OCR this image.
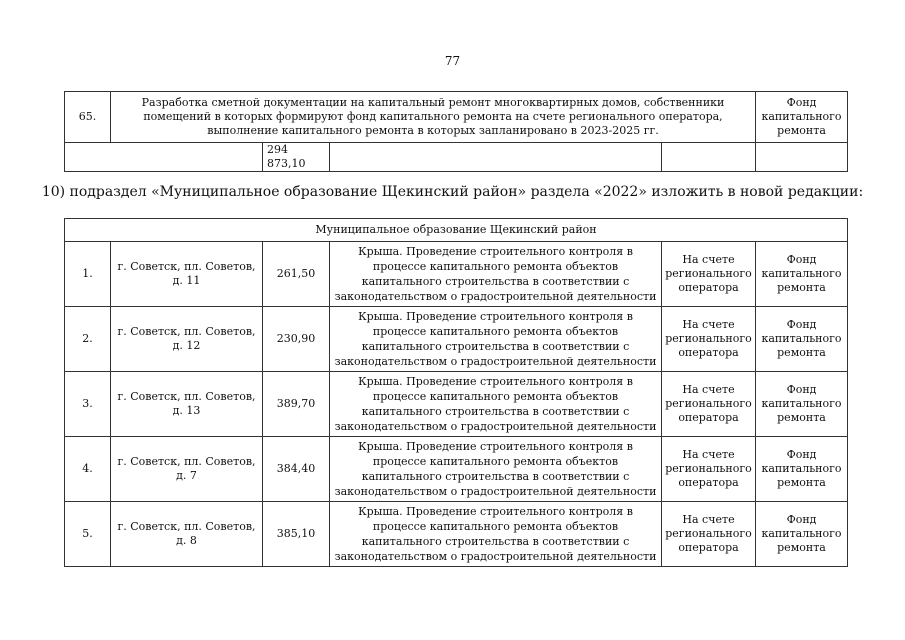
77
65.	Разработка сметной документации на капитальный ремонт многоквартирных домов, собственники помещений в которых формируют фонд капитального ремонта на счете регионального оператора, выполнение капитального ремонта в которых запланировано в 2023-2025 гг.				Фонд капитального ремонта
		294 873,10			
10) подраздел «Муниципальное образование Щекинский район» раздела «2022» изложить в новой редакции:
Муниципальное образование Щекинский район					
1.	г. Советск, пл. Советов, д. 11	261,50	Крыша. Проведение строительного контроля в процессе капитального ремонта объектов капитального строительства в соответствии с законодательством о градостроительной деятельности	На счете регионального оператора	Фонд капитального ремонта
2.	г. Советск, пл. Советов, д. 12	230,90	Крыша. Проведение строительного контроля в процессе капитального ремонта объектов капитального строительства в соответствии с законодательством о градостроительной деятельности	На счете регионального оператора	Фонд капитального ремонта
3.	г. Советск, пл. Советов, д. 13	389,70	Крыша. Проведение строительного контроля в процессе капитального ремонта объектов капитального строительства в соответствии с законодательством о градостроительной деятельности	На счете регионального оператора	Фонд капитального ремонта
4.	г. Советск, пл. Советов, д. 7	384,40	Крыша. Проведение строительного контроля в процессе капитального ремонта объектов капитального строительства в соответствии с законодательством о градостроительной деятельности	На счете регионального оператора	Фонд капитального ремонта
5.	г. Советск, пл. Советов, д. 8	385,10	Крыша. Проведение строительного контроля в процессе капитального ремонта объектов капитального строительства в соответствии с законодательством о градостроительной деятельности	На счете регионального оператора	Фонд капитального ремонта
